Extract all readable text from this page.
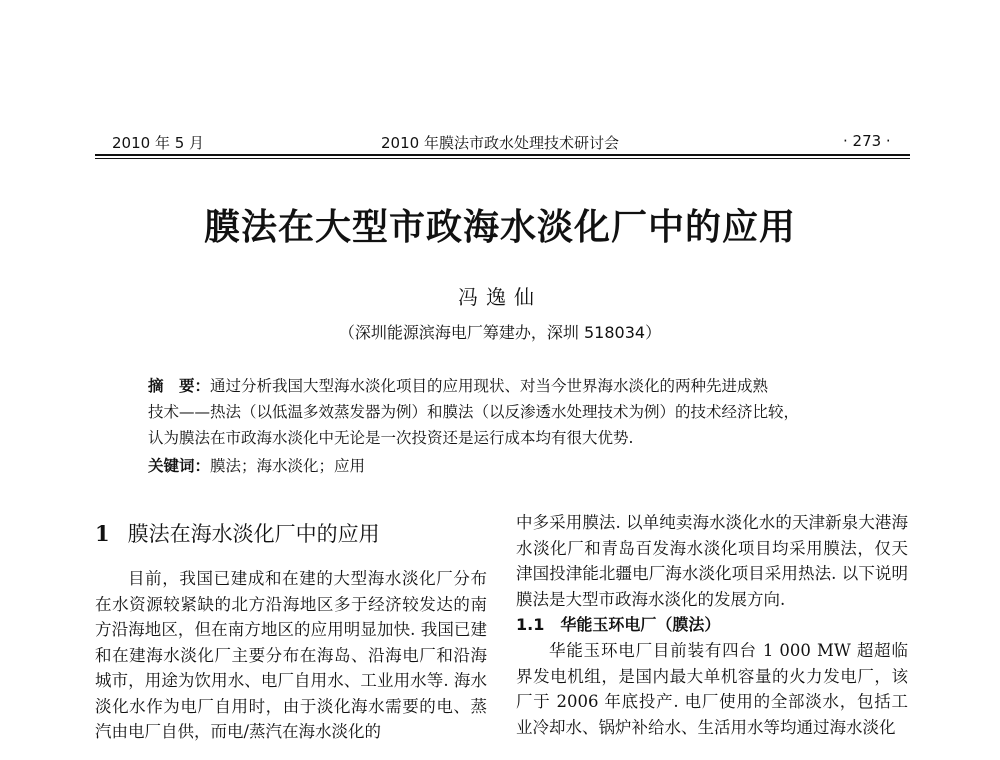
2010 年 5 月	2010 年膜法市政水处理技术研讨会	· 273 ·
膜法在大型市政海水淡化厂中的应用
冯逸仙
（深圳能源滨海电厂筹建办，深圳 518034）
摘　要：通过分析我国大型海水淡化项目的应用现状、对当今世界海水淡化的两种先进成熟
技术——热法（以低温多效蒸发器为例）和膜法（以反渗透水处理技术为例）的技术经济比较，
认为膜法在市政海水淡化中无论是一次投资还是运行成本均有很大优势.
关键词：膜法；海水淡化；应用
1 膜法在海水淡化厂中的应用

目前，我国已建成和在建的大型海水淡化厂分布在水资源较紧缺的北方沿海地区多于经济较发达的南方沿海地区，但在南方地区的应用明显加快. 我国已建和在建海水淡化厂主要分布在海岛、沿海电厂和沿海城市，用途为饮用水、电厂自用水、工业用水等. 海水淡化水作为电厂自用时，由于淡化海水需要的电、蒸汽由电厂自供，而电/蒸汽在海水淡化的

中多采用膜法. 以单纯卖海水淡化水的天津新泉大港海水淡化厂和青岛百发海水淡化项目均采用膜法，仅天津国投津能北疆电厂海水淡化项目采用热法. 以下说明膜法是大型市政海水淡化的发展方向.

1.1 华能玉环电厂（膜法）

华能玉环电厂目前装有四台 1 000 MW 超超临界发电机组，是国内最大单机容量的火力发电厂，该厂于 2006 年底投产. 电厂使用的全部淡水，包括工业冷却水、锅炉补给水、生活用水等均通过海水淡化
